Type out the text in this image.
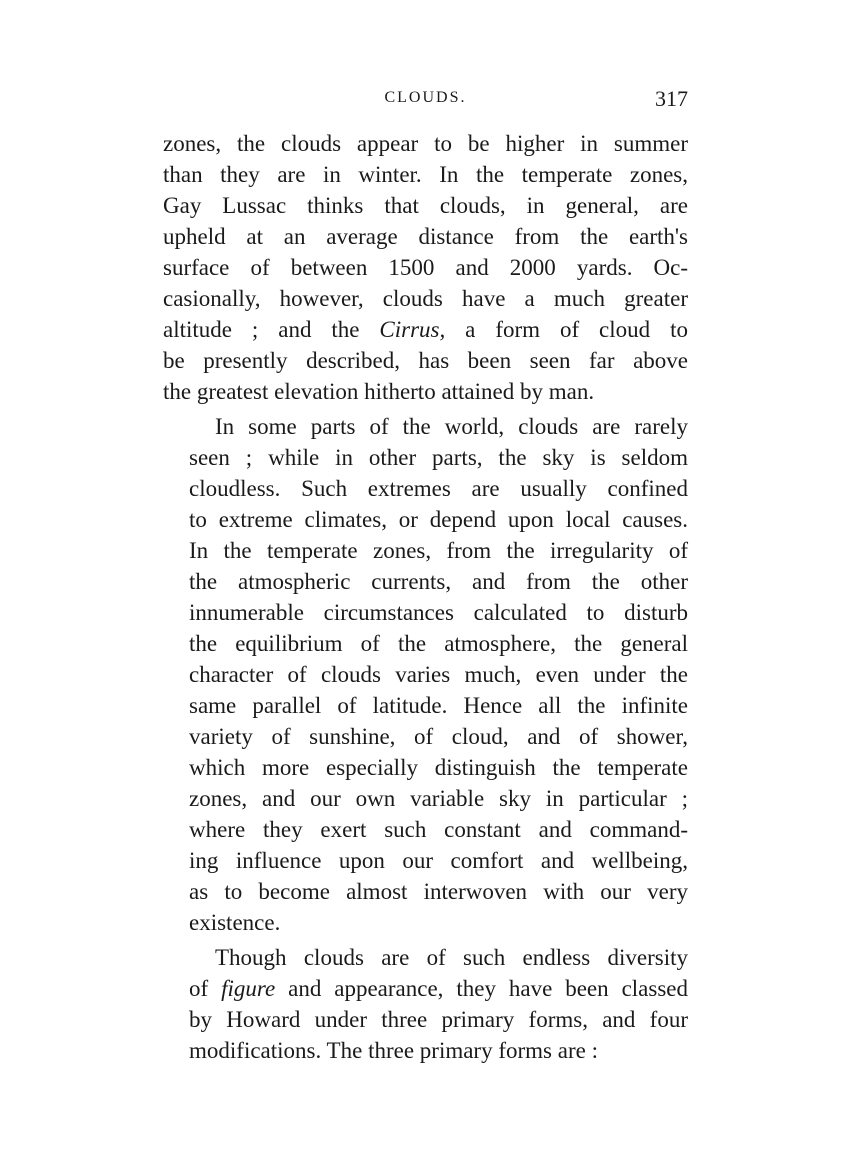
CLOUDS.	317

zones, the clouds appear to be higher in summer
than they are in winter. In the temperate zones,
Gay Lussac thinks that clouds, in general, are
upheld at an average distance from the earth's
surface of between 1500 and 2000 yards. Oc-
casionally, however, clouds have a much greater
altitude ; and the Cirrus, a form of cloud to
be presently described, has been seen far above
the greatest elevation hitherto attained by man.

In some parts of the world, clouds are rarely
seen ; while in other parts, the sky is seldom
cloudless. Such extremes are usually confined
to extreme climates, or depend upon local causes.
In the temperate zones, from the irregularity of
the atmospheric currents, and from the other
innumerable circumstances calculated to disturb
the equilibrium of the atmosphere, the general
character of clouds varies much, even under the
same parallel of latitude. Hence all the infinite
variety of sunshine, of cloud, and of shower,
which more especially distinguish the temperate
zones, and our own variable sky in particular ;
where they exert such constant and command-
ing influence upon our comfort and wellbeing,
as to become almost interwoven with our very
existence.

Though clouds are of such endless diversity
of figure and appearance, they have been classed
by Howard under three primary forms, and four
modifications. The three primary forms are :
